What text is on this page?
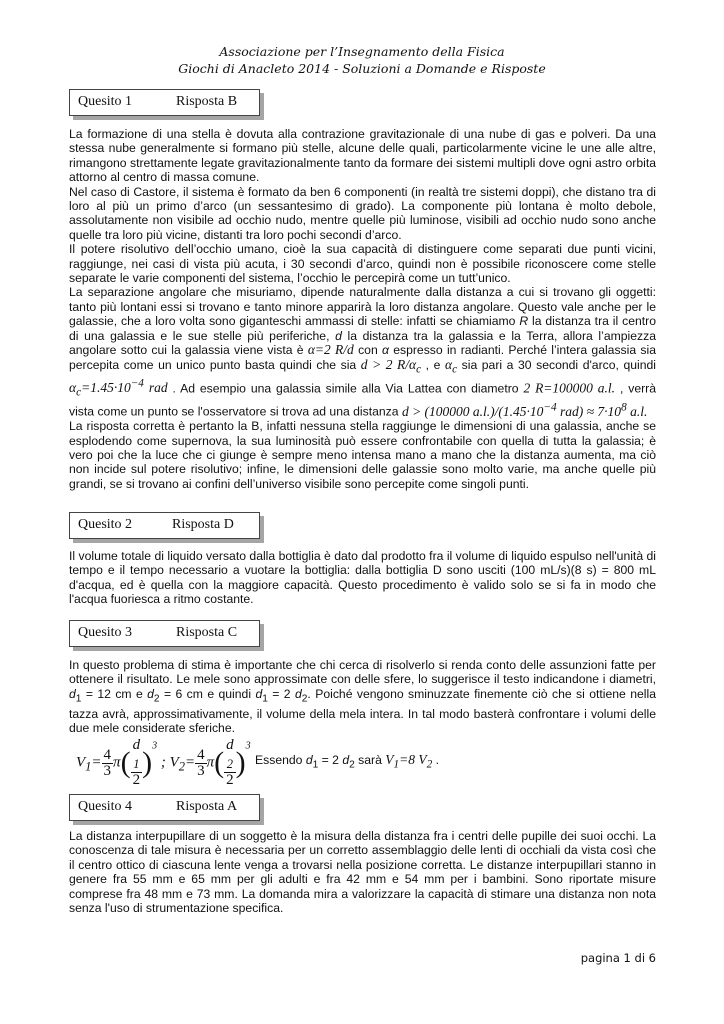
Associazione per l’Insegnamento della Fisica
Giochi di Anacleto 2014 - Soluzioni a Domande e Risposte
Quesito 1	Risposta B

La formazione di una stella è dovuta alla contrazione gravitazionale di una nube di gas e polveri. Da una stessa nube generalmente si formano più stelle, alcune delle quali, particolarmente vicine le une alle altre, rimangono strettamente legate gravitazionalmente tanto da formare dei sistemi multipli dove ogni astro orbita attorno al centro di massa comune.

Nel caso di Castore, il sistema è formato da ben 6 componenti (in realtà tre sistemi doppi), che distano tra di loro al più un primo d’arco (un sessantesimo di grado). La componente più lontana è molto debole, assolutamente non visibile ad occhio nudo, mentre quelle più luminose, visibili ad occhio nudo sono anche quelle tra loro più vicine, distanti tra loro pochi secondi d’arco.

Il potere risolutivo dell’occhio umano, cioè la sua capacità di distinguere come separati due punti vicini, raggiunge, nei casi di vista più acuta, i 30 secondi d’arco, quindi non è possibile riconoscere come stelle separate le varie componenti del sistema, l’occhio le percepirà come un tutt’unico.

La separazione angolare che misuriamo, dipende naturalmente dalla distanza a cui si trovano gli oggetti: tanto più lontani essi si trovano e tanto minore apparirà la loro distanza angolare. Questo vale anche per le galassie, che a loro volta sono giganteschi ammassi di stelle: infatti se chiamiamo R la distanza tra il centro di una galassia e le sue stelle più periferiche, d la distanza tra la galassia e la Terra, allora l’ampiezza angolare sotto cui la galassia viene vista è α=2 R/d con α espresso in radianti. Perché l’intera galassia sia percepita come un unico punto basta quindi che sia d > 2 $R/\alpha_c$ , e $\alpha_c$ sia pari a 30 secondi d'arco, quindi $\alpha_c=1.45\cdot 10^{-4}$ rad . Ad esempio una galassia simile alla Via Lattea con diametro 2 R=100000 a.l. , verrà vista come un punto se l'osservatore si trova ad una distanza d > (100000 $a.l.)/(1.45\cdot 10^{-4}$ $rad) \approx 7\cdot 10^8$ a.l.

La risposta corretta è pertanto la B, infatti nessuna stella raggiunge le dimensioni di una galassia, anche se esplodendo come supernova, la sua luminosità può essere confrontabile con quella di tutta la galassia; è vero poi che la luce che ci giunge è sempre meno intensa mano a mano che la distanza aumenta, ma ciò non incide sul potere risolutivo; infine, le dimensioni delle galassie sono molto varie, ma anche quelle più grandi, se si trovano ai confini dell’universo visibile sono percepite come singoli punti.

Quesito 2	Risposta D

Il volume totale di liquido versato dalla bottiglia è dato dal prodotto fra il volume di liquido espulso nell'unità di tempo e il tempo necessario a vuotare la bottiglia: dalla bottiglia D sono usciti (100 mL/s)(8 s) = 800 mL d'acqua, ed è quella con la maggiore capacità. Questo procedimento è valido solo se si fa in modo che l'acqua fuoriesca a ritmo costante.

Quesito 3	Risposta C

In questo problema di stima è importante che chi cerca di risolverlo si renda conto delle assunzioni fatte per ottenere il risultato. Le mele sono approssimate con delle sfere, lo suggerisce il testo indicandone i diametri, $d_1 = 12$ cm e $d_2 = 6$ cm e quindi $d_1 = 2$ $d_2$. Poiché vengono sminuzzate finemente ciò che si ottiene nella tazza avrà, approssimativamente, il volume della mela intera. In tal modo basterà confrontare i volumi delle due mele considerate sferiche.

$V_1= \frac{4}{3} \pi$( d
$_1$
2 )$^3$ ; $V_2= \frac{4}{3} \pi$( d
$_2$
2 )$^3$
Essendo $d_1 = 2$ $d_2$ sarà $V_1=8$ $V_2$ .
Quesito 4	Risposta A

La distanza interpupillare di un soggetto è la misura della distanza fra i centri delle pupille dei suoi occhi. La conoscenza di tale misura è necessaria per un corretto assemblaggio delle lenti di occhiali da vista così che il centro ottico di ciascuna lente venga a trovarsi nella posizione corretta. Le distanze interpupillari stanno in genere fra 55 mm e 65 mm per gli adulti e fra 42 mm e 54 mm per i bambini. Sono riportate misure comprese fra 48 mm e 73 mm. La domanda mira a valorizzare la capacità di stimare una distanza non nota senza l'uso di strumentazione specifica.

pagina 1 di 6
